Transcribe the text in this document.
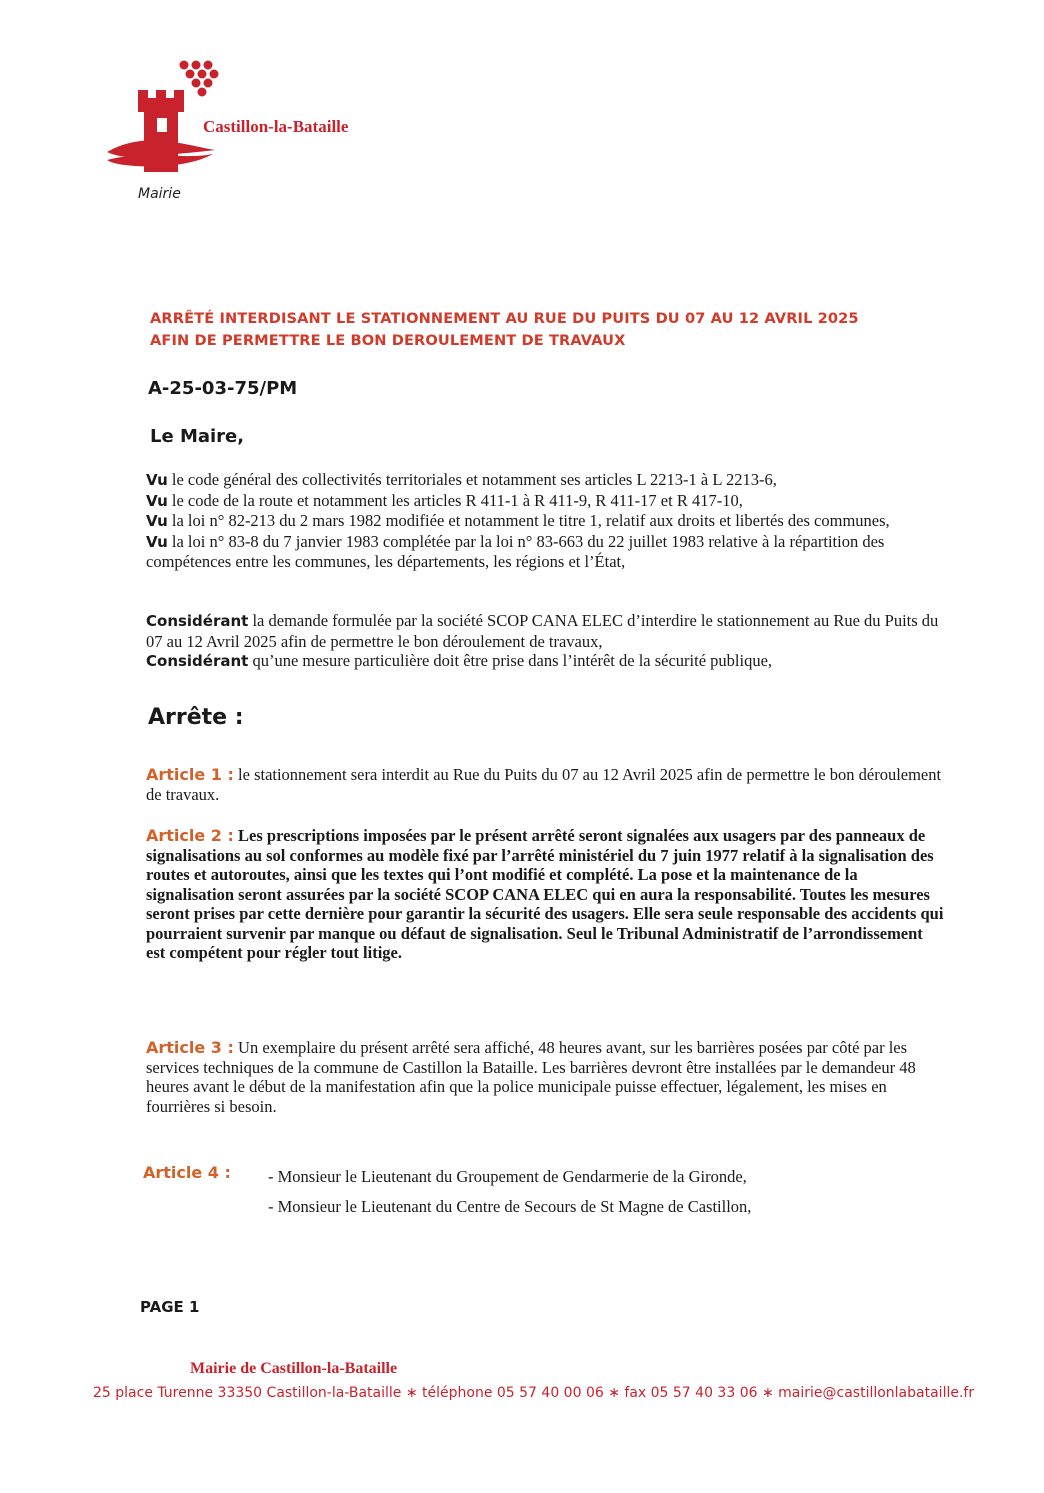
Castillon-la-Bataille
Mairie
ARRÊTÉ INTERDISANT LE STATIONNEMENT AU RUE DU PUITS DU 07 AU 12 AVRIL 2025
AFIN DE PERMETTRE LE BON DEROULEMENT DE TRAVAUX
A-25-03-75/PM
Le Maire,
Vu le code général des collectivités territoriales et notamment ses articles L 2213-1 à L 2213-6,
Vu le code de la route et notamment les articles R 411-1 à R 411-9, R 411-17 et R 417-10,
Vu la loi n° 82-213 du 2 mars 1982 modifiée et notamment le titre 1, relatif aux droits et libertés des communes,
Vu la loi n° 83-8 du 7 janvier 1983 complétée par la loi n° 83-663 du 22 juillet 1983 relative à la répartition des compétences entre les communes, les départements, les régions et l’État,
Considérant la demande formulée par la société SCOP CANA ELEC d’interdire le stationnement au Rue du Puits du 07 au 12 Avril 2025 afin de permettre le bon déroulement de travaux,
Considérant qu’une mesure particulière doit être prise dans l’intérêt de la sécurité publique,
Arrête :
Article 1 : le stationnement sera interdit au Rue du Puits du 07 au 12 Avril 2025 afin de permettre le bon déroulement de travaux.
Article 2 : Les prescriptions imposées par le présent arrêté seront signalées aux usagers par des panneaux de signalisations au sol conformes au modèle fixé par l’arrêté ministériel du 7 juin 1977 relatif à la signalisation des routes et autoroutes, ainsi que les textes qui l’ont modifié et complété. La pose et la maintenance de la signalisation seront assurées par la société SCOP CANA ELEC qui en aura la responsabilité. Toutes les mesures seront prises par cette dernière pour garantir la sécurité des usagers. Elle sera seule responsable des accidents qui pourraient survenir par manque ou défaut de signalisation. Seul le Tribunal Administratif de l’arrondissement est compétent pour régler tout litige.
Article 3 : Un exemplaire du présent arrêté sera affiché, 48 heures avant, sur les barrières posées par côté par les services techniques de la commune de Castillon la Bataille. Les barrières devront être installées par le demandeur 48 heures avant le début de la manifestation afin que la police municipale puisse effectuer, légalement, les mises en fourrières si besoin.
Article 4 : - Monsieur le Lieutenant du Groupement de Gendarmerie de la Gironde,
- Monsieur le Lieutenant du Centre de Secours de St Magne de Castillon,
PAGE 1
Mairie de Castillon-la-Bataille
25 place Turenne 33350 Castillon-la-Bataille ∗ téléphone 05 57 40 00 06 ∗ fax 05 57 40 33 06 ∗ mairie@castillonlabataille.fr
